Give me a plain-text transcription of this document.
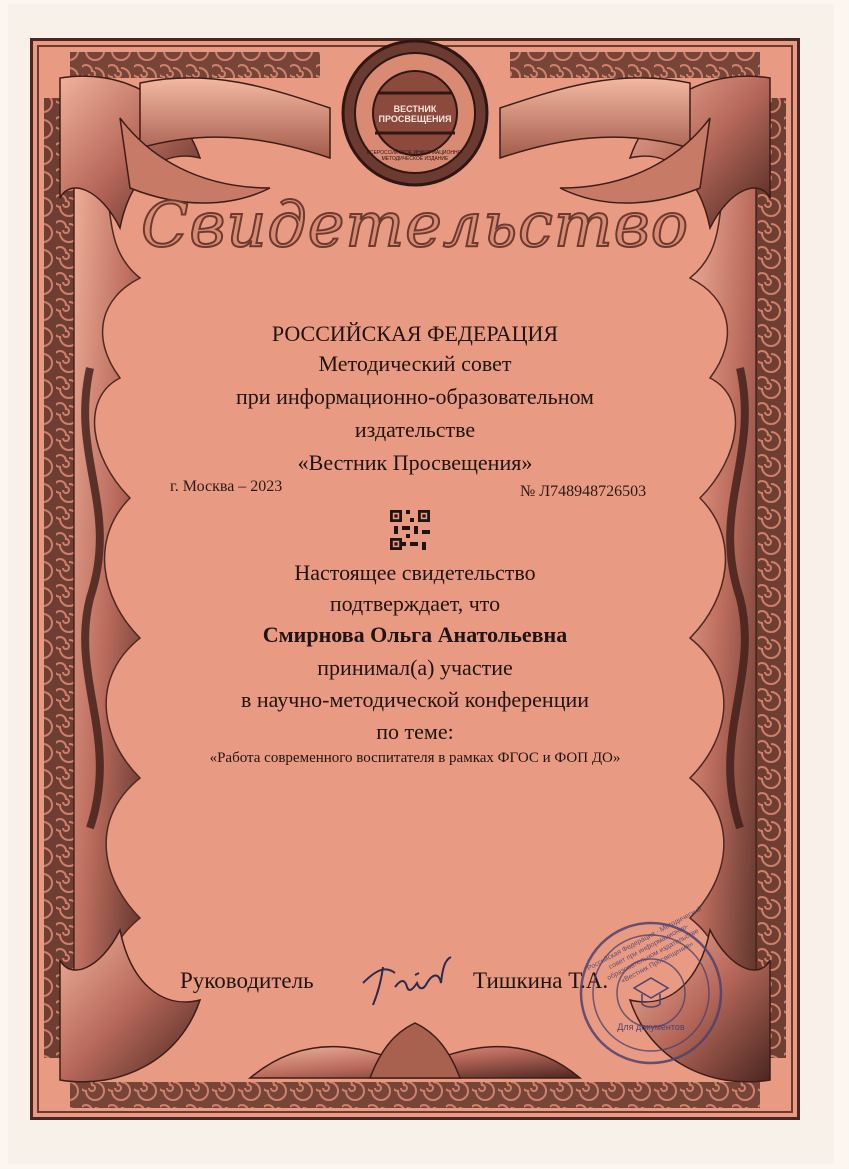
ВЕСТНИК ПРОСВЕЩЕНИЯ
ВСЕРОССИЙСКОЕ ИНФОРМАЦИОННО-МЕТОДИЧЕСКОЕ ИЗДАНИЕ
Свидетельство
РОССИЙСКАЯ ФЕДЕРАЦИЯ
Методический совет
при информационно-образовательном
издательстве
«Вестник Просвещения»
г. Москва – 2023	№ Л748948726503
Настоящее свидетельство
подтверждает, что
Смирнова Ольга Анатольевна
принимал(а) участие
в научно-методической конференции
по теме:
«Работа современного воспитателя в рамках ФГОС и ФОП ДО»
Руководитель	Тишкина Т.А.
Для документов
Российская Федерация · Методический совет при информационно-образовательном издательстве «Вестник Просвещения»
